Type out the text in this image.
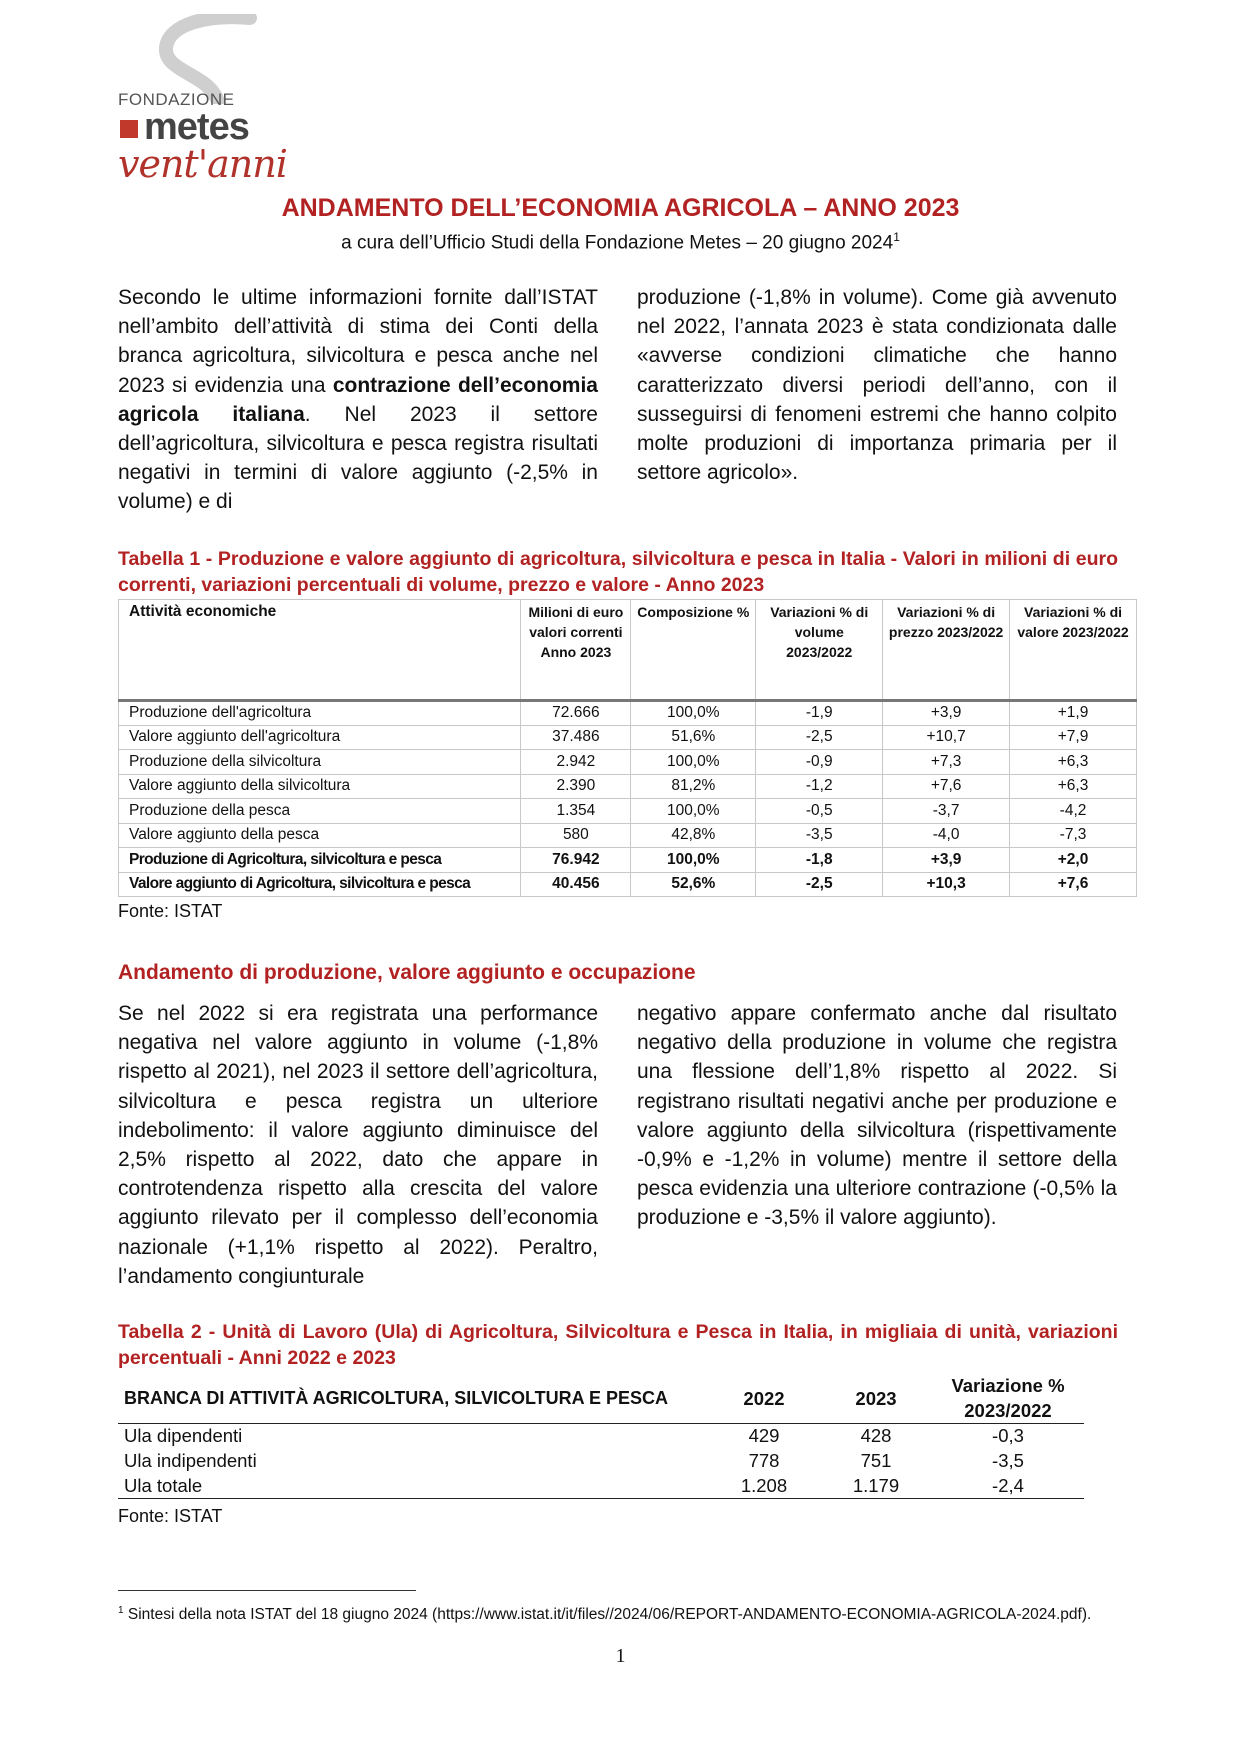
FONDAZIONE
metes
vent'anni
ANDAMENTO DELL’ECONOMIA AGRICOLA – ANNO 2023
a cura dell’Ufficio Studi della Fondazione Metes – 20 giugno 2024$^1$
Secondo le ultime informazioni fornite dall’ISTAT nell’ambito dell’attività di stima dei Conti della branca agricoltura, silvicoltura e pesca anche nel 2023 si evidenzia una contrazione dell’economia agricola italiana. Nel 2023 il settore dell’agricoltura, silvicoltura e pesca registra risultati negativi in termini di valore aggiunto (-2,5% in volume) e di
produzione (-1,8% in volume). Come già avvenuto nel 2022, l’annata 2023 è stata condizionata dalle «avverse condizioni climatiche che hanno caratterizzato diversi periodi dell’anno, con il susseguirsi di fenomeni estremi che hanno colpito molte produzioni di importanza primaria per il settore agricolo».
Tabella 1 - Produzione e valore aggiunto di agricoltura, silvicoltura e pesca in Italia - Valori in milioni di euro correnti, variazioni percentuali di volume, prezzo e valore - Anno 2023
Attività economiche	Milioni di euro valori correnti Anno 2023	Composizione %	Variazioni % di volume 2023/2022	Variazioni % di prezzo 2023/2022	Variazioni % di valore 2023/2022
Produzione dell'agricoltura	72.666	100,0%	-1,9	+3,9	+1,9
Valore aggiunto dell'agricoltura	37.486	51,6%	-2,5	+10,7	+7,9
Produzione della silvicoltura	2.942	100,0%	-0,9	+7,3	+6,3
Valore aggiunto della silvicoltura	2.390	81,2%	-1,2	+7,6	+6,3
Produzione della pesca	1.354	100,0%	-0,5	-3,7	-4,2
Valore aggiunto della pesca	580	42,8%	-3,5	-4,0	-7,3
Produzione di Agricoltura, silvicoltura e pesca	76.942	100,0%	-1,8	+3,9	+2,0
Valore aggiunto di Agricoltura, silvicoltura e pesca	40.456	52,6%	-2,5	+10,3	+7,6
Fonte: ISTAT
Andamento di produzione, valore aggiunto e occupazione
Se nel 2022 si era registrata una performance negativa nel valore aggiunto in volume (-1,8% rispetto al 2021), nel 2023 il settore dell’agricoltura, silvicoltura e pesca registra un ulteriore indebolimento: il valore aggiunto diminuisce del 2,5% rispetto al 2022, dato che appare in controtendenza rispetto alla crescita del valore aggiunto rilevato per il complesso dell’economia nazionale (+1,1% rispetto al 2022). Peraltro, l’andamento congiunturale
negativo appare confermato anche dal risultato negativo della produzione in volume che registra una flessione dell’1,8% rispetto al 2022. Si registrano risultati negativi anche per produzione e valore aggiunto della silvicoltura (rispettivamente -0,9% e -1,2% in volume) mentre il settore della pesca evidenzia una ulteriore contrazione (-0,5% la produzione e -3,5% il valore aggiunto).
Tabella 2 - Unità di Lavoro (Ula) di Agricoltura, Silvicoltura e Pesca in Italia, in migliaia di unità, variazioni percentuali - Anni 2022 e 2023
BRANCA DI ATTIVITÀ AGRICOLTURA, SILVICOLTURA E PESCA	2022	2023	Variazione % 2023/2022
Ula dipendenti	429	428	-0,3
Ula indipendenti	778	751	-3,5
Ula totale	1.208	1.179	-2,4
Fonte: ISTAT
$^1$ Sintesi della nota ISTAT del 18 giugno 2024 (https://www.istat.it/it/files//2024/06/REPORT-ANDAMENTO-ECONOMIA-AGRICOLA-2024.pdf).
1
